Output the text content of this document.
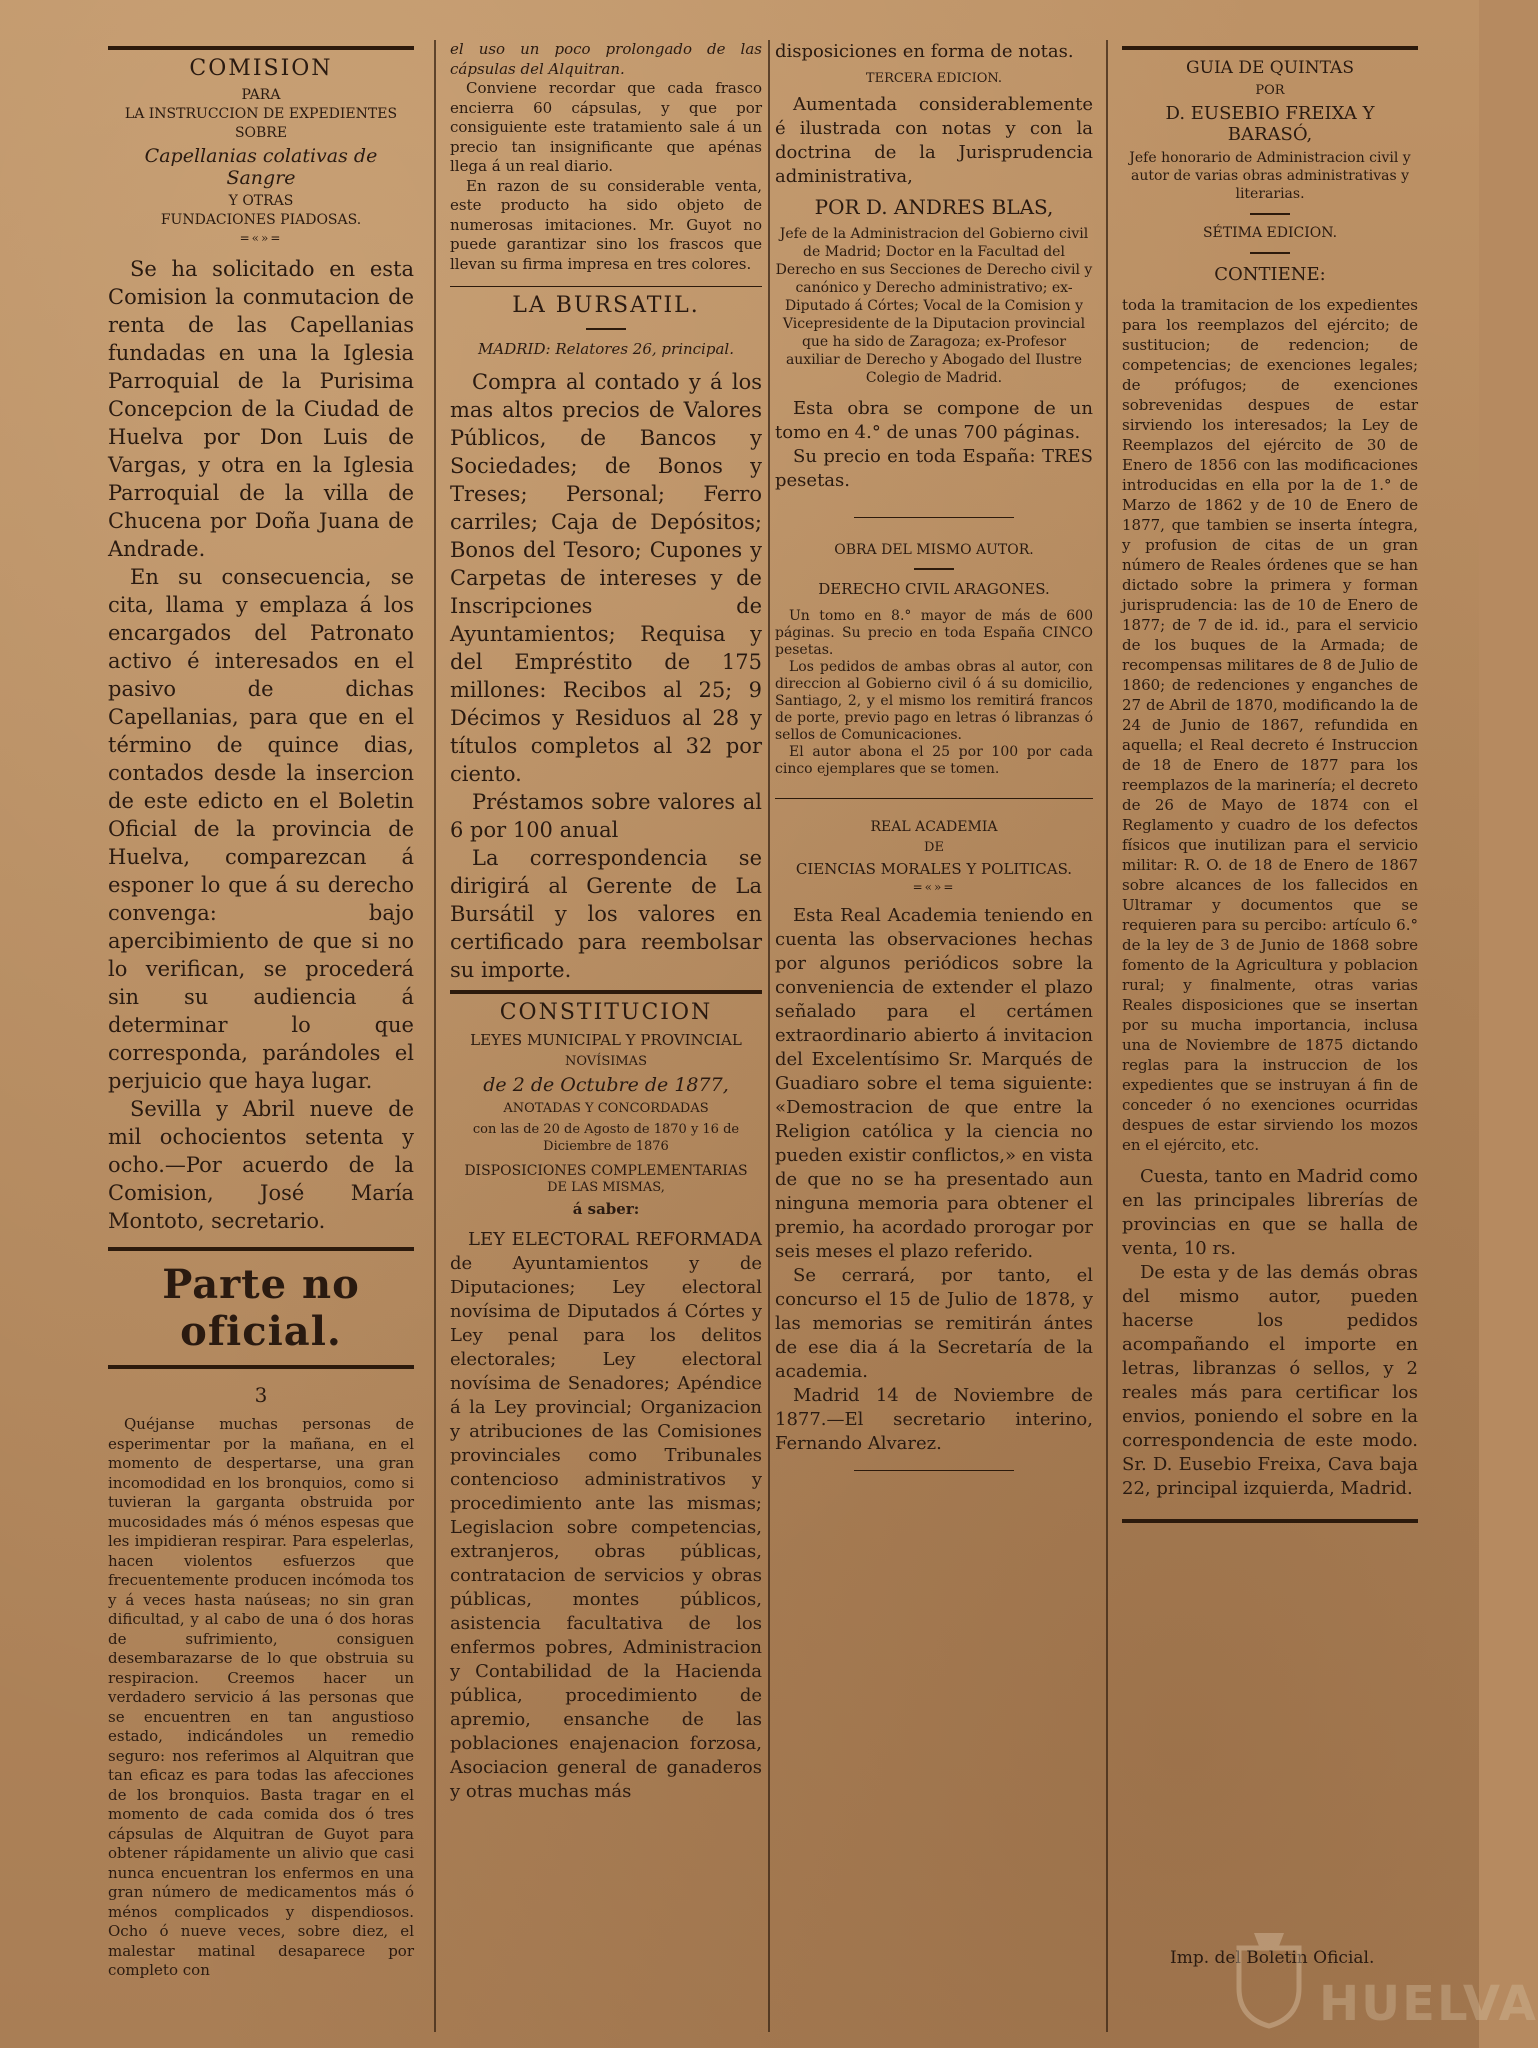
COMISION
PARA
LA INSTRUCCION DE EXPEDIENTES
SOBRE
Capellanias colativas de Sangre
Y OTRAS
FUNDACIONES PIADOSAS.
=«»=

Se ha solicitado en esta Comision la conmutacion de renta de las Capellanias fundadas en una la Iglesia Parroquial de la Purisima Concepcion de la Ciudad de Huelva por Don Luis de Vargas, y otra en la Iglesia Parroquial de la villa de Chucena por Doña Juana de Andrade.

En su consecuencia, se cita, llama y emplaza á los encargados del Patronato activo é interesados en el pasivo de dichas Capellanias, para que en el término de quince dias, contados desde la insercion de este edicto en el Boletin Oficial de la provincia de Huelva, comparezcan á esponer lo que á su derecho convenga: bajo apercibimiento de que si no lo verifican, se procederá sin su audiencia á determinar lo que corresponda, parándoles el perjuicio que haya lugar.

Sevilla y Abril nueve de mil ochocientos setenta y ocho.—Por acuerdo de la Comision, José María Montoto, secretario.

Parte no oficial.
3

Quéjanse muchas personas de esperimentar por la mañana, en el momento de despertarse, una gran incomodidad en los bronquios, como si tuvieran la garganta obstruida por mucosidades más ó ménos espesas que les impidieran respirar. Para espelerlas, hacen violentos esfuerzos que frecuentemente producen incómoda tos y á veces hasta naúseas; no sin gran dificultad, y al cabo de una ó dos horas de sufrimiento, consiguen desembarazarse de lo que obstruia su respiracion. Creemos hacer un verdadero servicio á las personas que se encuentren en tan angustioso estado, indicándoles un remedio seguro: nos referimos al Alquitran que tan eficaz es para todas las afecciones de los bronquios. Basta tragar en el momento de cada comida dos ó tres cápsulas de Alquitran de Guyot para obtener rápidamente un alivio que casi nunca encuentran los enfermos en una gran número de medicamentos más ó ménos complicados y dispendiosos. Ocho ó nueve veces, sobre diez, el malestar matinal desaparece por completo con

el uso un poco prolongado de las cápsulas del Alquitran.

Conviene recordar que cada frasco encierra 60 cápsulas, y que por consiguiente este tratamiento sale á un precio tan insignificante que apénas llega á un real diario.

En razon de su considerable venta, este producto ha sido objeto de numerosas imitaciones. Mr. Guyot no puede garantizar sino los frascos que llevan su firma impresa en tres colores.

LA BURSATIL.
MADRID: Relatores 26, principal.

Compra al contado y á los mas altos precios de Valores Públicos, de Bancos y Sociedades; de Bonos y Treses; Personal; Ferro carriles; Caja de Depósitos; Bonos del Tesoro; Cupones y Carpetas de intereses y de Inscripciones de Ayuntamientos; Requisa y del Empréstito de 175 millones: Recibos al 25; 9 Décimos y Residuos al 28 y títulos completos al 32 por ciento.

Préstamos sobre valores al 6 por 100 anual

La correspondencia se dirigirá al Gerente de La Bursátil y los valores en certificado para reembolsar su importe.

CONSTITUCION
LEYES MUNICIPAL Y PROVINCIAL
NOVÍSIMAS
de 2 de Octubre de 1877,
ANOTADAS Y CONCORDADAS
con las de 20 de Agosto de 1870 y 16 de Diciembre de 1876
DISPOSICIONES COMPLEMENTARIAS
DE LAS MISMAS,
á saber:

LEY ELECTORAL REFORMADA de Ayuntamientos y de Diputaciones; Ley electoral novísima de Diputados á Córtes y Ley penal para los delitos electorales; Ley electoral novísima de Senadores; Apéndice á la Ley provincial; Organizacion y atribuciones de las Comisiones provinciales como Tribunales contencioso administrativos y procedimiento ante las mismas; Legislacion sobre competencias, extranjeros, obras públicas, contratacion de servicios y obras públicas, montes públicos, asistencia facultativa de los enfermos pobres, Administracion y Contabilidad de la Hacienda pública, procedimiento de apremio, ensanche de las poblaciones enajenacion forzosa, Asociacion general de ganaderos y otras muchas más

disposiciones en forma de notas.

TERCERA EDICION.

Aumentada considerablemente é ilustrada con notas y con la doctrina de la Jurisprudencia administrativa,

POR D. ANDRES BLAS,

Jefe de la Administracion del Gobierno civil de Madrid; Doctor en la Facultad del Derecho en sus Secciones de Derecho civil y canónico y Derecho administrativo; ex-Diputado á Córtes; Vocal de la Comision y Vicepresidente de la Diputacion provincial que ha sido de Zaragoza; ex-Profesor auxiliar de Derecho y Abogado del Ilustre Colegio de Madrid.

Esta obra se compone de un tomo en 4.° de unas 700 páginas.

Su precio en toda España: TRES pesetas.

OBRA DEL MISMO AUTOR.
DERECHO CIVIL ARAGONES.

Un tomo en 8.° mayor de más de 600 páginas. Su precio en toda España CINCO pesetas.

Los pedidos de ambas obras al autor, con direccion al Gobierno civil ó á su domicilio, Santiago, 2, y el mismo los remitirá francos de porte, previo pago en letras ó libranzas ó sellos de Comunicaciones.

El autor abona el 25 por 100 por cada cinco ejemplares que se tomen.

REAL ACADEMIA
DE
CIENCIAS MORALES Y POLITICAS.
=«»=

Esta Real Academia teniendo en cuenta las observaciones hechas por algunos periódicos sobre la conveniencia de extender el plazo señalado para el certámen extraordinario abierto á invitacion del Excelentísimo Sr. Marqués de Guadiaro sobre el tema siguiente: «Demostracion de que entre la Religion católica y la ciencia no pueden existir conflictos,» en vista de que no se ha presentado aun ninguna memoria para obtener el premio, ha acordado prorogar por seis meses el plazo referido.

Se cerrará, por tanto, el concurso el 15 de Julio de 1878, y las memorias se remitirán ántes de ese dia á la Secretaría de la academia.

Madrid 14 de Noviembre de 1877.—El secretario interino, Fernando Alvarez.

GUIA DE QUINTAS
POR
D. EUSEBIO FREIXA Y BARASÓ,

Jefe honorario de Administracion civil y autor de varias obras administrativas y literarias.

SÉTIMA EDICION.
CONTIENE:

toda la tramitacion de los expedientes para los reemplazos del ejército; de sustitucion; de redencion; de competencias; de exenciones legales; de prófugos; de exenciones sobrevenidas despues de estar sirviendo los interesados; la Ley de Reemplazos del ejército de 30 de Enero de 1856 con las modificaciones introducidas en ella por la de 1.° de Marzo de 1862 y de 10 de Enero de 1877, que tambien se inserta íntegra, y profusion de citas de un gran número de Reales órdenes que se han dictado sobre la primera y forman jurisprudencia: las de 10 de Enero de 1877; de 7 de id. id., para el servicio de los buques de la Armada; de recompensas militares de 8 de Julio de 1860; de redenciones y enganches de 27 de Abril de 1870, modificando la de 24 de Junio de 1867, refundida en aquella; el Real decreto é Instruccion de 18 de Enero de 1877 para los reemplazos de la marinería; el decreto de 26 de Mayo de 1874 con el Reglamento y cuadro de los defectos físicos que inutilizan para el servicio militar: R. O. de 18 de Enero de 1867 sobre alcances de los fallecidos en Ultramar y documentos que se requieren para su percibo: artículo 6.° de la ley de 3 de Junio de 1868 sobre fomento de la Agricultura y poblacion rural; y finalmente, otras varias Reales disposiciones que se insertan por su mucha importancia, inclusa una de Noviembre de 1875 dictando reglas para la instruccion de los expedientes que se instruyan á fin de conceder ó no exenciones ocurridas despues de estar sirviendo los mozos en el ejército, etc.

Cuesta, tanto en Madrid como en las principales librerías de provincias en que se halla de venta, 10 rs.

De esta y de las demás obras del mismo autor, pueden hacerse los pedidos acompañando el importe en letras, libranzas ó sellos, y 2 reales más para certificar los envios, poniendo el sobre en la correspondencia de este modo. Sr. D. Eusebio Freixa, Cava baja 22, principal izquierda, Madrid.

Imp. del Boletin Oficial.
HUELVA
